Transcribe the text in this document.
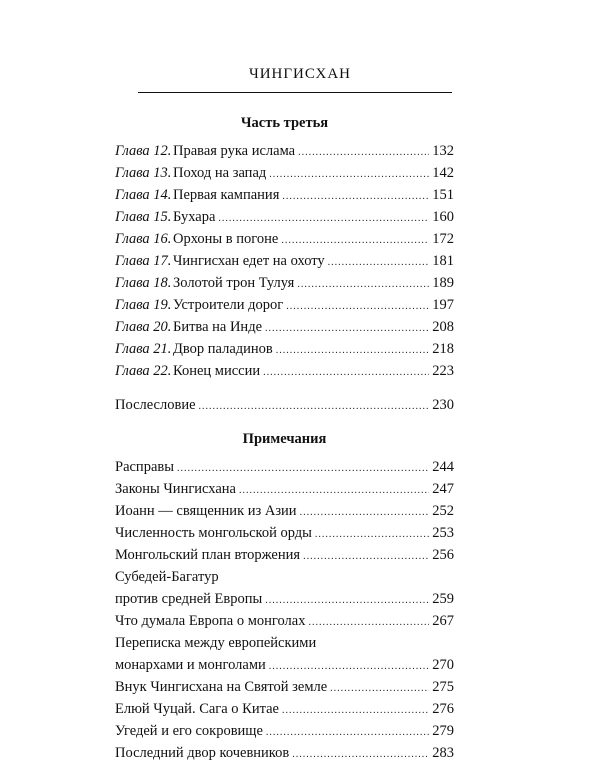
ЧИНГИСХАН
Часть третья
Глава 12. Правая рука ислама .....	132
Глава 13. Поход на запад .....	142
Глава 14. Первая кампания .....	151
Глава 15. Бухара .....	160
Глава 16. Орхоны в погоне .....	172
Глава 17. Чингисхан едет на охоту .....	181
Глава 18. Золотой трон Тулуя .....	189
Глава 19. Устроители дорог .....	197
Глава 20. Битва на Инде .....	208
Глава 21. Двор паладинов .....	218
Глава 22. Конец миссии .....	223
Послесловие .....	230
Примечания
Расправы .....	244
Законы Чингисхана .....	247
Иоанн — священник из Азии .....	252
Численность монгольской орды .....	253
Монгольский план вторжения .....	256
Субедей-Багатур
против средней Европы .....	259
Что думала Европа о монголах .....	267
Переписка между европейскими
монархами и монголами .....	270
Внук Чингисхана на Святой земле .....	275
Елюй Чуцай. Сага о Китае .....	276
Угедей и его сокровище .....	279
Последний двор кочевников .....	283
